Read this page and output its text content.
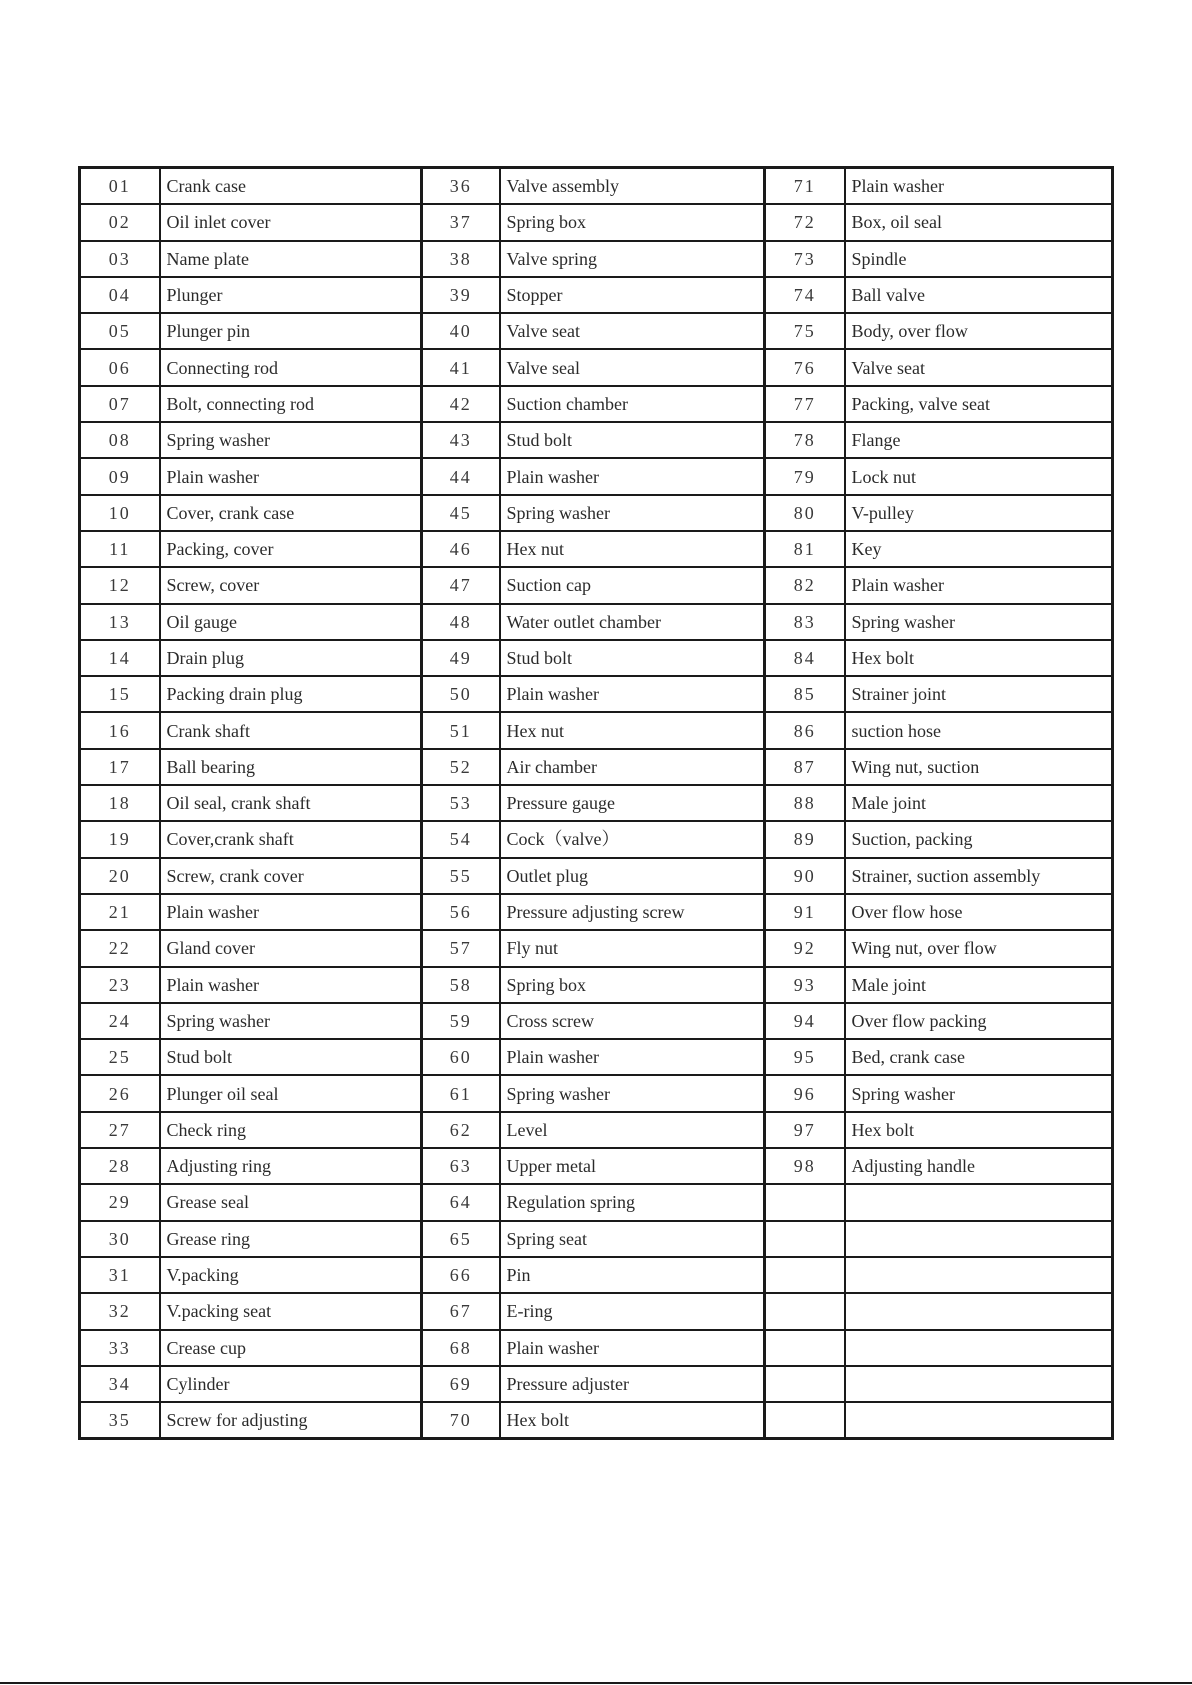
01	Crank case	36	Valve assembly	71	Plain washer
02	Oil inlet cover	37	Spring box	72	Box, oil seal
03	Name plate	38	Valve spring	73	Spindle
04	Plunger	39	Stopper	74	Ball valve
05	Plunger pin	40	Valve seat	75	Body, over flow
06	Connecting rod	41	Valve seal	76	Valve seat
07	Bolt, connecting rod	42	Suction chamber	77	Packing, valve seat
08	Spring washer	43	Stud bolt	78	Flange
09	Plain washer	44	Plain washer	79	Lock nut
10	Cover, crank case	45	Spring washer	80	V-pulley
11	Packing, cover	46	Hex nut	81	Key
12	Screw, cover	47	Suction cap	82	Plain washer
13	Oil gauge	48	Water outlet chamber	83	Spring washer
14	Drain plug	49	Stud bolt	84	Hex bolt
15	Packing drain plug	50	Plain washer	85	Strainer joint
16	Crank shaft	51	Hex nut	86	suction hose
17	Ball bearing	52	Air chamber	87	Wing nut, suction
18	Oil seal, crank shaft	53	Pressure gauge	88	Male joint
19	Cover,crank shaft	54	Cock（valve）	89	Suction, packing
20	Screw, crank cover	55	Outlet plug	90	Strainer, suction assembly
21	Plain washer	56	Pressure adjusting screw	91	Over flow hose
22	Gland cover	57	Fly nut	92	Wing nut, over flow
23	Plain washer	58	Spring box	93	Male joint
24	Spring washer	59	Cross screw	94	Over flow packing
25	Stud bolt	60	Plain washer	95	Bed, crank case
26	Plunger oil seal	61	Spring washer	96	Spring washer
27	Check ring	62	Level	97	Hex bolt
28	Adjusting ring	63	Upper metal	98	Adjusting handle
29	Grease seal	64	Regulation spring		
30	Grease ring	65	Spring seat		
31	V.packing	66	Pin		
32	V.packing seat	67	E-ring		
33	Crease cup	68	Plain washer		
34	Cylinder	69	Pressure adjuster		
35	Screw for adjusting	70	Hex bolt		
